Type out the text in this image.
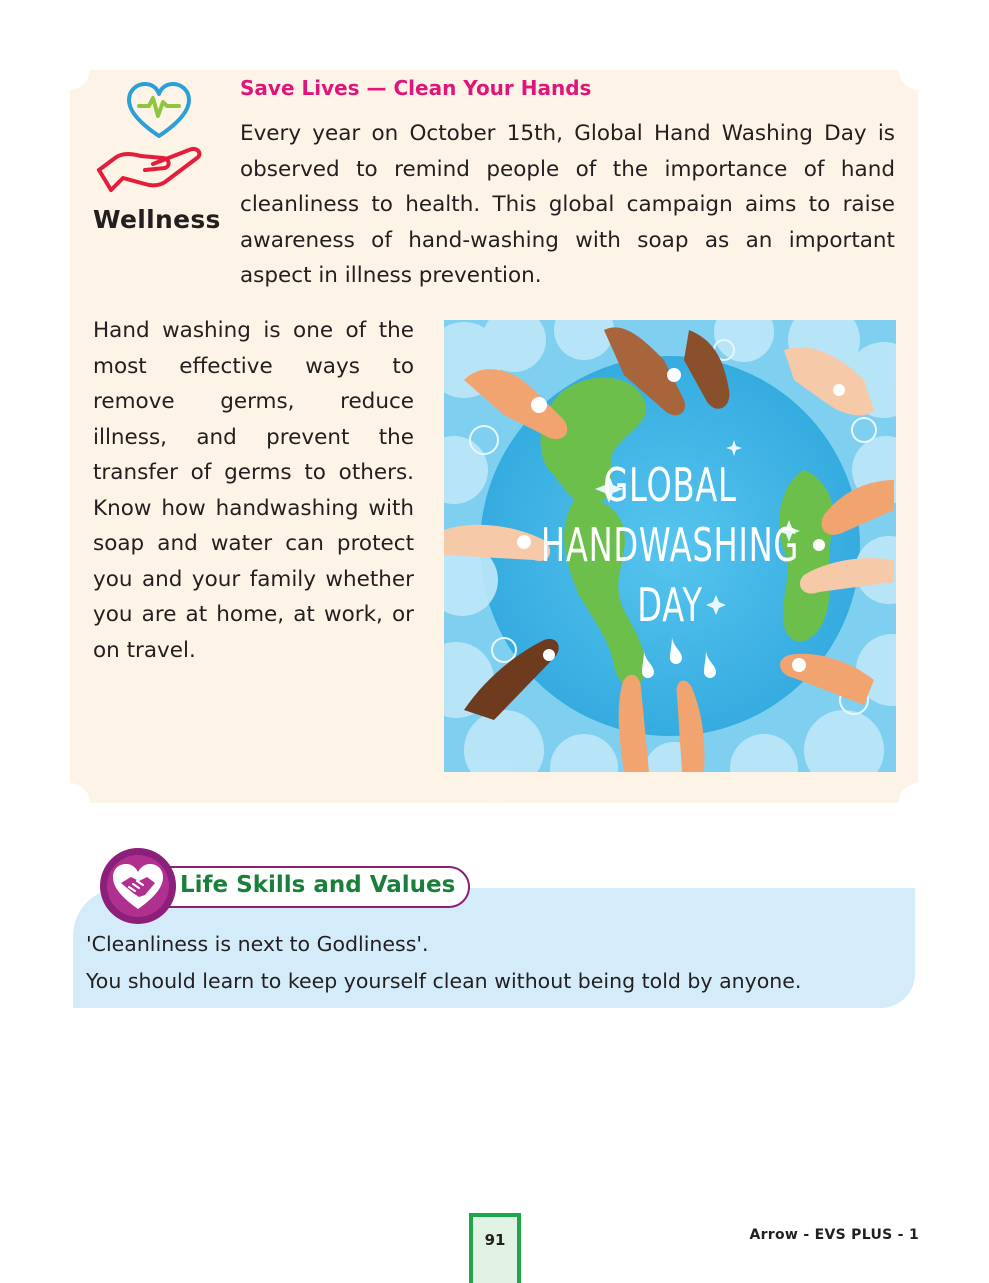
Wellness

Save Lives — Clean Your Hands

Every year on October 15th, Global Hand Washing Day is observed to remind people of the importance of hand cleanliness to health. This global campaign aims to raise awareness of hand-washing with soap as an important aspect in illness prevention.

Hand washing is one of the most effective ways to remove germs, reduce illness, and prevent the transfer of germs to others. Know how handwashing with soap and water can protect you and your family whether you are at home, at work, or on travel.

GLOBAL
HANDWASHING
DAY
Life Skills and Values

'Cleanliness is next to Godliness'.

You should learn to keep yourself clean without being told by anyone.

91	Arrow - EVS PLUS - 1
